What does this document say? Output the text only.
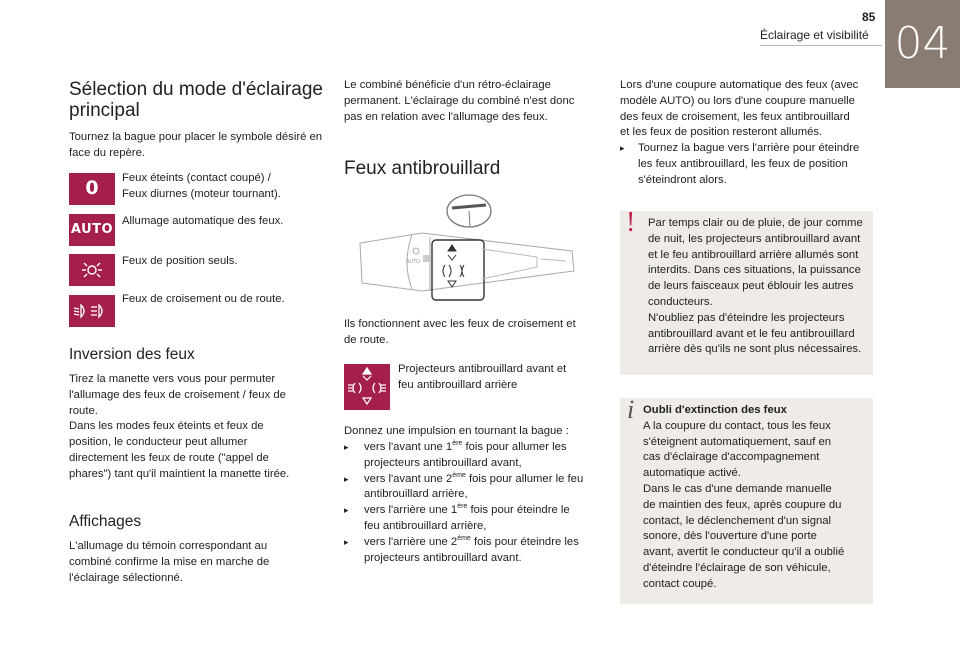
85
Éclairage et visibilité 04
Sélection du mode d'éclairage principal

Tournez la bague pour placer le symbole désiré en face du repère.

0 Feux éteints (contact coupé) /
Feux diurnes (moteur tournant).
AUTO
Allumage automatique des feux.
Feux de position seuls.
Feux de croisement ou de route.
Inversion des feux
Tirez la manette vers vous pour permuter
l'allumage des feux de croisement / feux de
route.
Dans les modes feux éteints et feux de
position, le conducteur peut allumer
directement les feux de route ("appel de
phares") tant qu'il maintient la manette tirée.
Affichages
L'allumage du témoin correspondant au
combiné confirme la mise en marche de
l'éclairage sélectionné.
Le combiné bénéficie d'un rétro-éclairage
permanent. L'éclairage du combiné n'est donc
pas en relation avec l'allumage des feux.
Feux antibrouillard
AUTO
Ils fonctionnent avec les feux de croisement et
de route.
Projecteurs antibrouillard avant et
feu antibrouillard arrière
Donnez une impulsion en tournant la bague :
▸ vers l'avant une 1ère fois pour allumer les
projecteurs antibrouillard avant,
▸ vers l'avant une 2ème fois pour allumer le feu
antibrouillard arrière,
▸ vers l'arrière une 1ère fois pour éteindre le
feu antibrouillard arrière,
▸ vers l'arrière une 2ème fois pour éteindre les
projecteurs antibrouillard avant.
Lors d'une coupure automatique des feux (avec
modèle AUTO) ou lors d'une coupure manuelle
des feux de croisement, les feux antibrouillard
et les feux de position resteront allumés.
▸ Tournez la bague vers l'arrière pour éteindre
les feux antibrouillard, les feux de position
s'éteindront alors.
! Par temps clair ou de pluie, de jour comme
de nuit, les projecteurs antibrouillard avant
et le feu antibrouillard arrière allumés sont
interdits. Dans ces situations, la puissance
de leurs faisceaux peut éblouir les autres
conducteurs.
N'oubliez pas d'éteindre les projecteurs
antibrouillard avant et le feu antibrouillard
arrière dès qu'ils ne sont plus nécessaires.
i Oubli d'extinction des feux
A la coupure du contact, tous les feux
s'éteignent automatiquement, sauf en
cas d'éclairage d'accompagnement
automatique activé.
Dans le cas d'une demande manuelle
de maintien des feux, après coupure du
contact, le déclenchement d'un signal
sonore, dès l'ouverture d'une porte
avant, avertit le conducteur qu'il a oublié
d'éteindre l'éclairage de son véhicule,
contact coupé.
